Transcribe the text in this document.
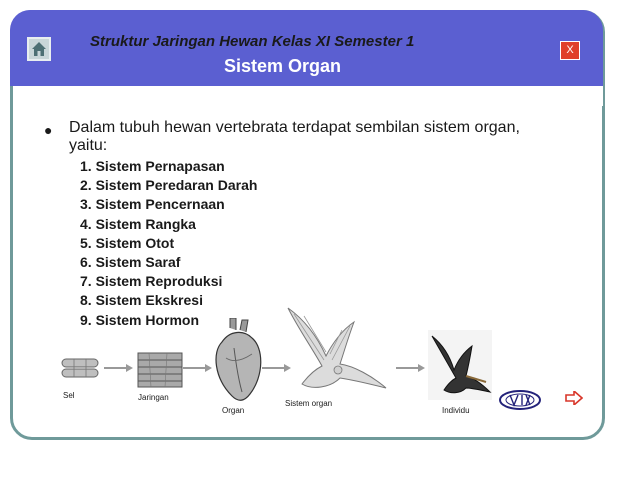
Struktur Jaringan Hewan Kelas XI Semester 1
Sistem Organ
X
● Dalam tubuh hewan vertebrata terdapat sembilan sistem organ, yaitu:
1. Sistem Pernapasan
2. Sistem Peredaran Darah
3. Sistem Pencernaan
4. Sistem Rangka
5. Sistem Otot
6. Sistem Saraf
7. Sistem Reproduksi
8. Sistem Ekskresi
9. Sistem Hormon
Sel	Jaringan
Organ
Sistem organ
Individu
